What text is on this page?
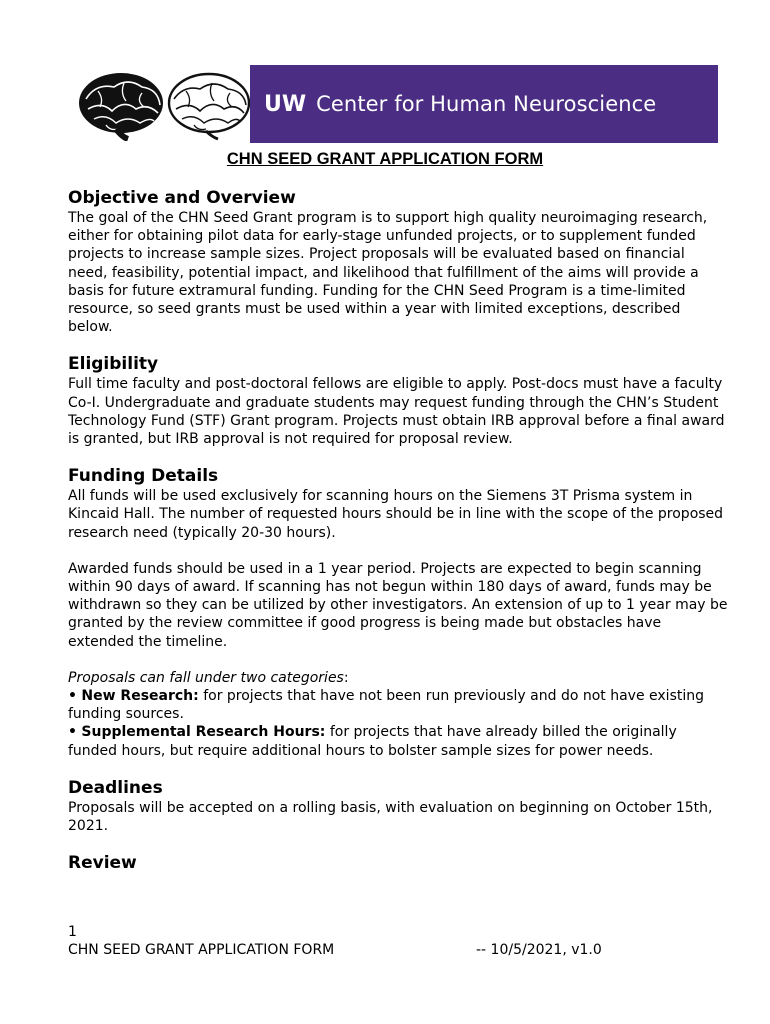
UW Center for Human Neuroscience
CHN SEED GRANT APPLICATION FORM
Objective and Overview

The goal of the CHN Seed Grant program is to support high quality neuroimaging research, either for obtaining pilot data for early-stage unfunded projects, or to supplement funded projects to increase sample sizes. Project proposals will be evaluated based on financial need, feasibility, potential impact, and likelihood that fulfillment of the aims will provide a basis for future extramural funding. Funding for the CHN Seed Program is a time-limited resource, so seed grants must be used within a year with limited exceptions, described below.

Eligibility

Full time faculty and post-doctoral fellows are eligible to apply. Post-docs must have a faculty Co-I. Undergraduate and graduate students may request funding through the CHN’s Student Technology Fund (STF) Grant program. Projects must obtain IRB approval before a final award is granted, but IRB approval is not required for proposal review.

Funding Details

All funds will be used exclusively for scanning hours on the Siemens 3T Prisma system in Kincaid Hall. The number of requested hours should be in line with the scope of the proposed research need (typically 20-30 hours).

Awarded funds should be used in a 1 year period. Projects are expected to begin scanning within 90 days of award. If scanning has not begun within 180 days of award, funds may be withdrawn so they can be utilized by other investigators. An extension of up to 1 year may be granted by the review committee if good progress is being made but obstacles have extended the timeline.

Proposals can fall under two categories:

• New Research: for projects that have not been run previously and do not have existing funding sources.

• Supplemental Research Hours: for projects that have already billed the originally funded hours, but require additional hours to bolster sample sizes for power needs.

Deadlines

Proposals will be accepted on a rolling basis, with evaluation on beginning on October 15th, 2021.

Review
1
CHN SEED GRANT APPLICATION FORM	-- 10/5/2021, v1.0
